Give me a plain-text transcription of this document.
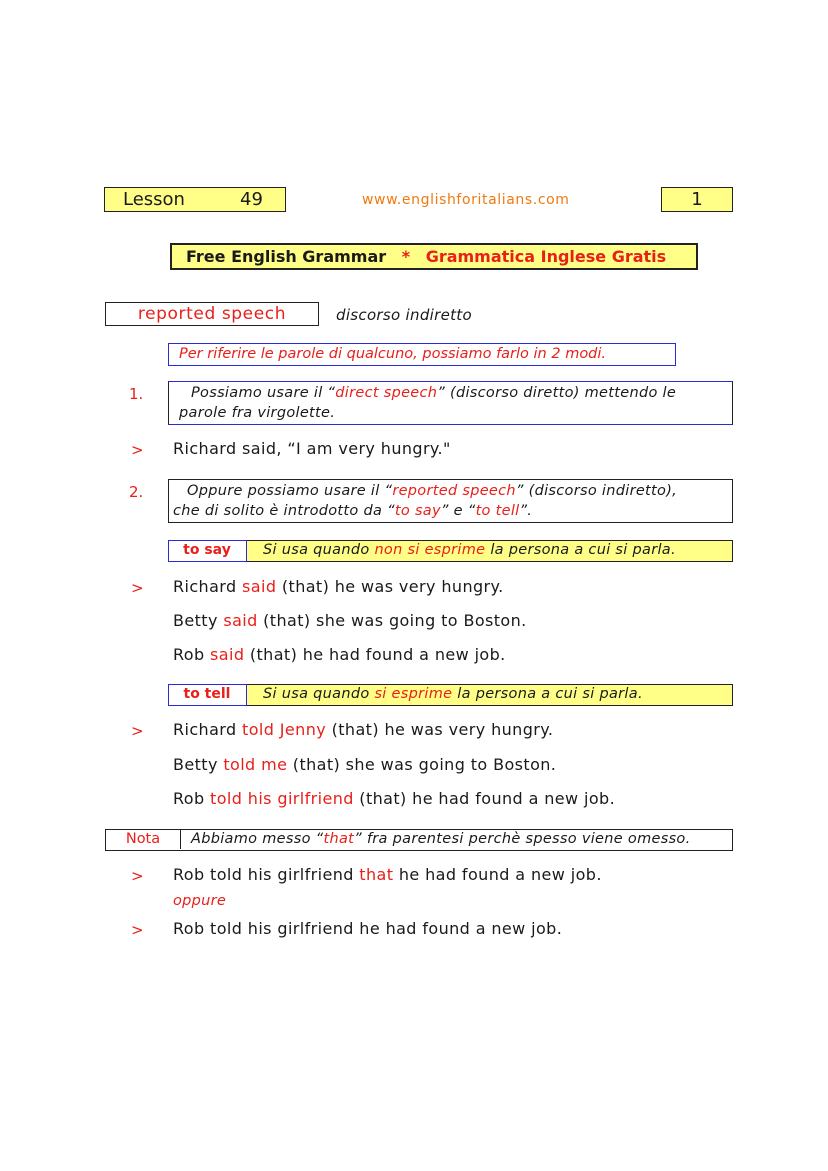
Lesson	49	www.englishforitalians.com	1
Free English Grammar * Grammatica Inglese Gratis
reported speech	discorso indiretto
Per riferire le parole di qualcuno, possiamo farlo in 2 modi.
1.	Possiamo usare il “direct speech” (discorso diretto) mettendo le
parole fra virgolette.
> Richard said, “I am very hungry."
2.	Oppure possiamo usare il “reported speech” (discorso indiretto),
che di solito è introdotto da “to say” e “to tell”.
to say	Si usa quando non si esprime la persona a cui si parla.
> Richard said (that) he was very hungry.
Betty said (that) she was going to Boston.
Rob said (that) he had found a new job.
to tell	Si usa quando si esprime la persona a cui si parla.
> Richard told Jenny (that) he was very hungry.
Betty told me (that) she was going to Boston.
Rob told his girlfriend (that) he had found a new job.
Nota	Abbiamo messo “that” fra parentesi perchè spesso viene omesso.
> Rob told his girlfriend that he had found a new job.
oppure
> Rob told his girlfriend he had found a new job.
